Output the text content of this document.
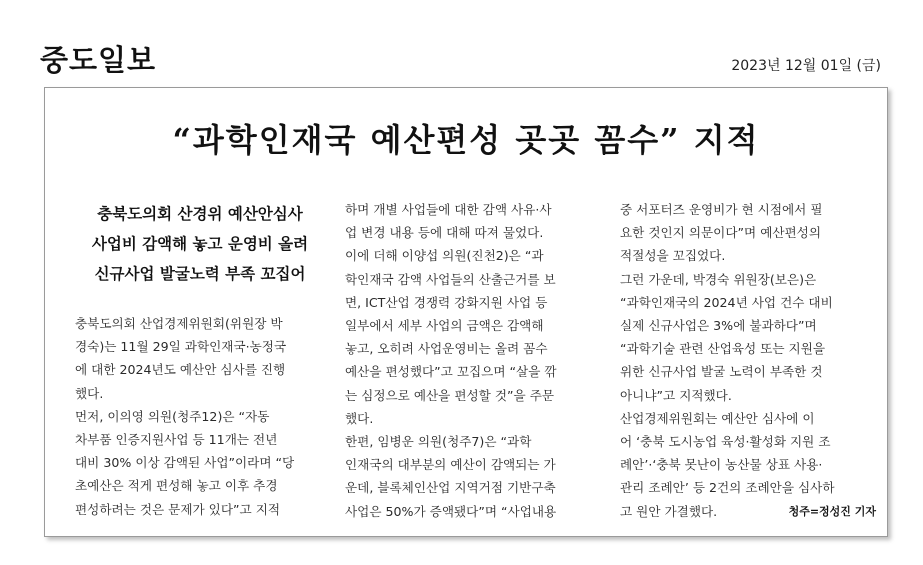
중도일보	2023년 12월 01일 (금)
“과학인재국 예산편성 곳곳 꼼수” 지적
충북도의회 산경위 예산안심사
사업비 감액해 놓고 운영비 올려
신규사업 발굴노력 부족 꼬집어
충북도의회 산업경제위원회(위원장 박
경숙)는 11월 29일 과학인재국·농정국
에 대한 2024년도 예산안 심사를 진행
했다.
먼저, 이의영 의원(청주12)은 “자동
차부품 인증지원사업 등 11개는 전년
대비 30% 이상 감액된 사업”이라며 “당
초예산은 적게 편성해 놓고 이후 추경
편성하려는 것은 문제가 있다”고 지적
하며 개별 사업들에 대한 감액 사유·사
업 변경 내용 등에 대해 따져 물었다.
이에 더해 이양섭 의원(진천2)은 “과
학인재국 감액 사업들의 산출근거를 보
면, ICT산업 경쟁력 강화지원 사업 등
일부에서 세부 사업의 금액은 감액해
놓고, 오히려 사업운영비는 올려 꼼수
예산을 편성했다”고 꼬집으며 “살을 깎
는 심정으로 예산을 편성할 것”을 주문
했다.
한편, 임병운 의원(청주7)은 “과학
인재국의 대부분의 예산이 감액되는 가
운데, 블록체인산업 지역거점 기반구축
사업은 50%가 증액됐다”며 “사업내용
중 서포터즈 운영비가 현 시점에서 필
요한 것인지 의문이다”며 예산편성의
적절성을 꼬집었다.
그런 가운데, 박경숙 위원장(보은)은
“과학인재국의 2024년 사업 건수 대비
실제 신규사업은 3%에 불과하다”며
“과학기술 관련 산업육성 또는 지원을
위한 신규사업 발굴 노력이 부족한 것
아니냐”고 지적했다.
산업경제위원회는 예산안 심사에 이
어 ‘충북 도시농업 육성·활성화 지원 조
례안’·‘충북 못난이 농산물 상표 사용·
관리 조례안’ 등 2건의 조례안을 심사하
고 원안 가결했다.	청주=정성진 기자
